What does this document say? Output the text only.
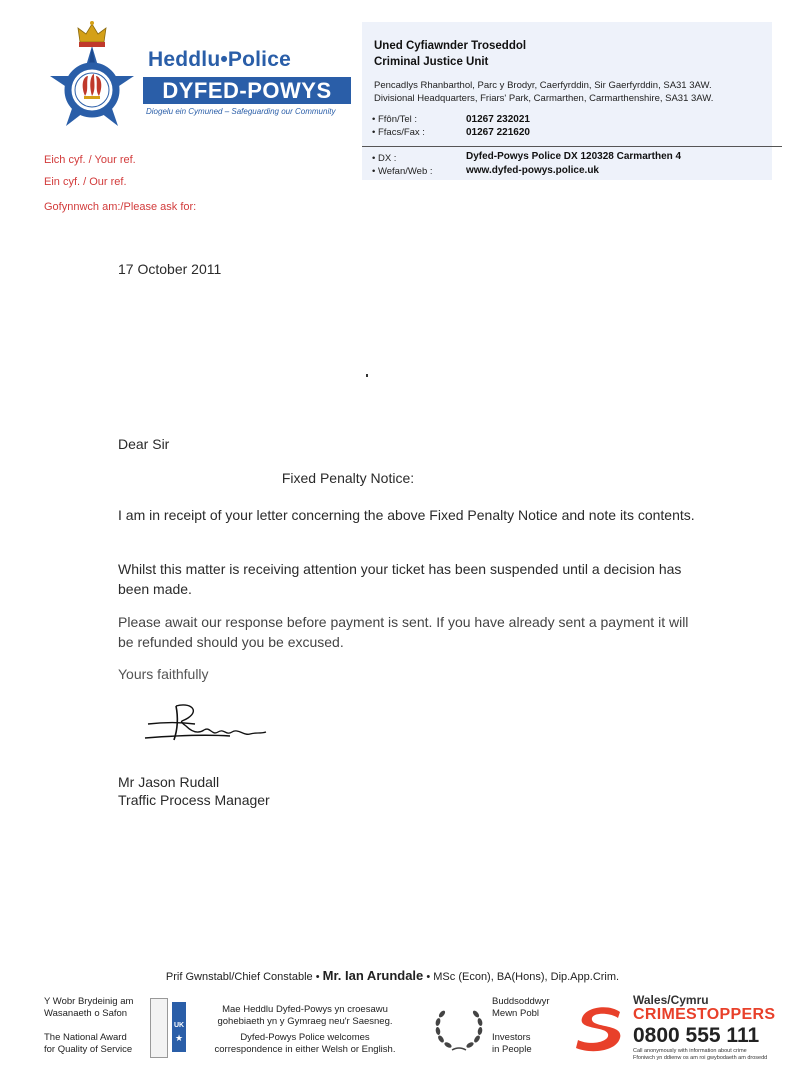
Heddlu•Police
DYFED-POWYS
Diogelu ein Cymuned – Safeguarding our Community
Uned Cyfiawnder Troseddol
Criminal Justice Unit
Pencadlys Rhanbarthol, Parc y Brodyr, Caerfyrddin, Sir Gaerfyrddin, SA31 3AW.
Divisional Headquarters, Friars' Park, Carmarthen, Carmarthenshire, SA31 3AW.
• Ffôn/Tel :	01267 232021
• Ffacs/Fax :	01267 221620
• DX :	Dyfed-Powys Police DX 120328 Carmarthen 4
• Wefan/Web :	www.dyfed-powys.police.uk
Eich cyf. / Your ref.
Ein cyf. / Our ref.
Gofynnwch am:/Please ask for:
17 October 2011
Dear Sir
Fixed Penalty Notice:
I am in receipt of your letter concerning the above Fixed Penalty Notice and note its contents.
Whilst this matter is receiving attention your ticket has been suspended until a decision has been made.
Please await our response before payment is sent. If you have already sent a payment it will be refunded should you be excused.
Yours faithfully
Mr Jason Rudall
Traffic Process Manager
Prif Gwnstabl/Chief Constable • Mr. Ian Arundale • MSc (Econ), BA(Hons), Dip.App.Crim.
Y Wobr Brydeinig am
Wasanaeth o Safon
The National Award
for Quality of Service
UK
★
Mae Heddlu Dyfed-Powys yn croesawu
gohebiaeth yn y Gymraeg neu'r Saesneg.
Dyfed-Powys Police welcomes
correspondence in either Welsh or English.
Buddsoddwyr
Mewn Pobl
Investors
in People
Wales/Cymru
CRIMESTOPPERS
0800 555 111
Call anonymously with information about crime
Ffoniwch yn ddienw os am roi gwybodaeth am drosedd
